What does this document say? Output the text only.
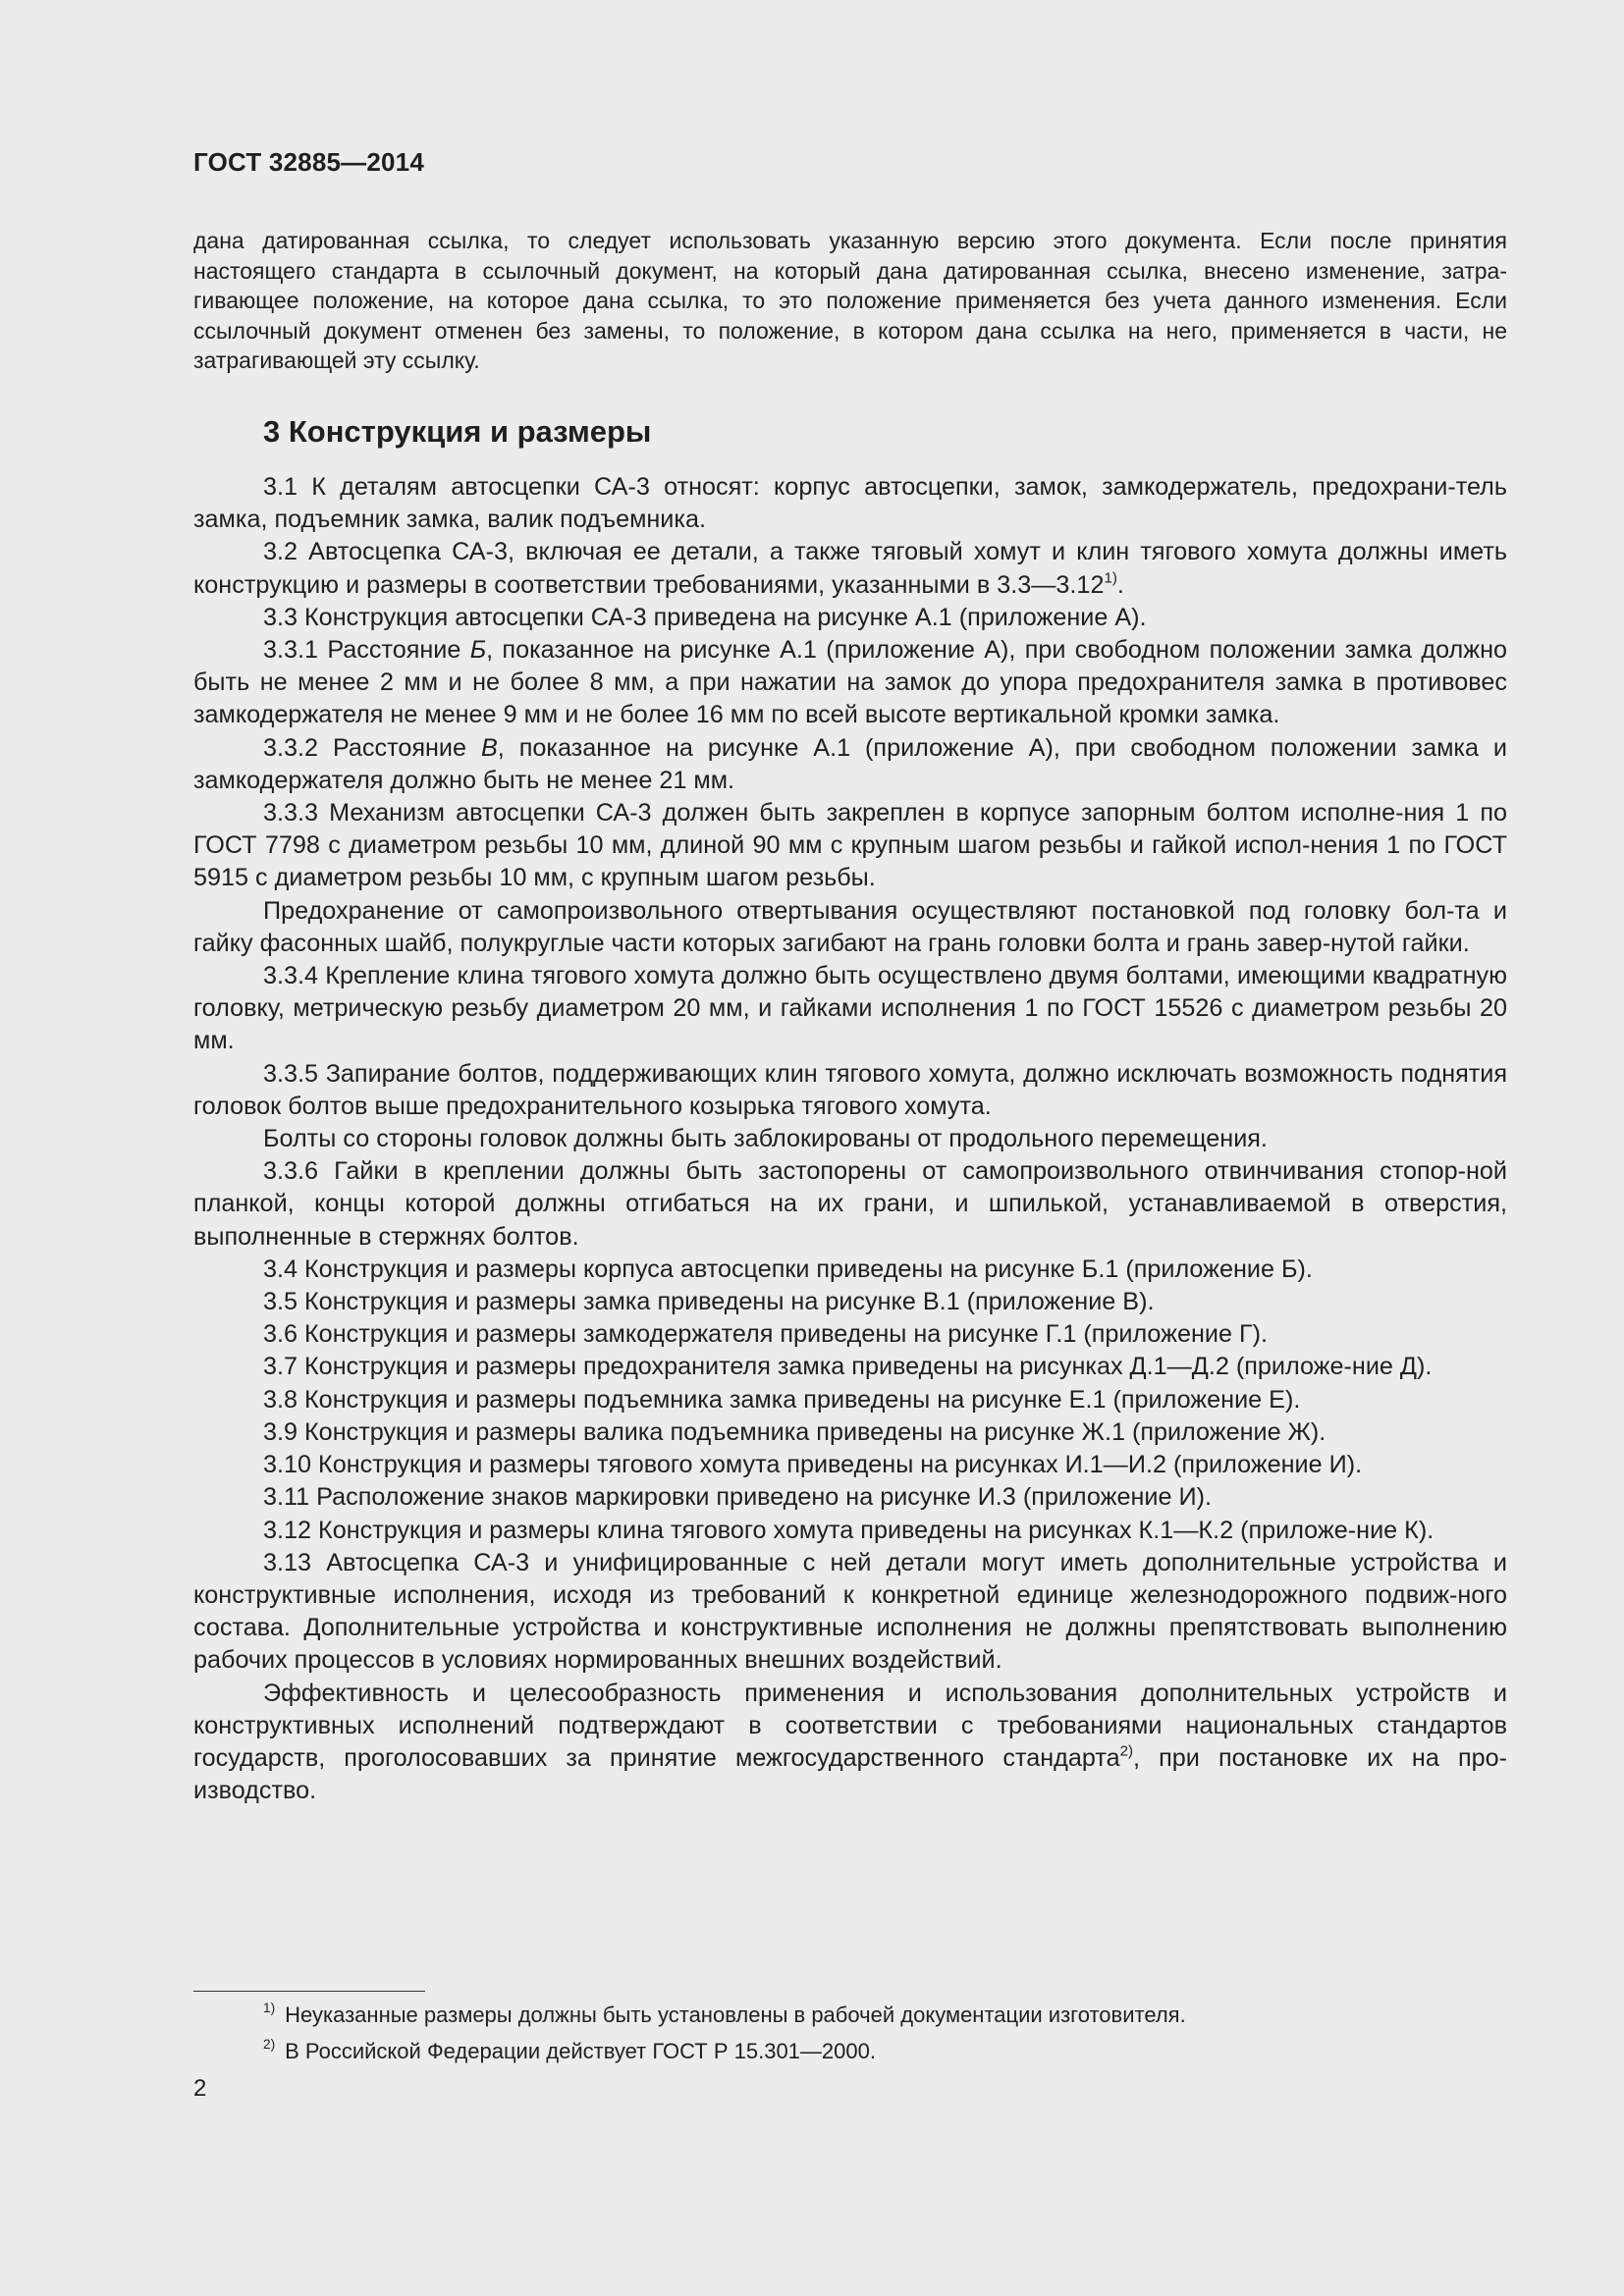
ГОСТ 32885—2014
дана датированная ссылка, то следует использовать указанную версию этого документа. Если после принятия
настоящего стандарта в ссылочный документ, на который дана датированная ссылка, внесено изменение, затра-
гивающее положение, на которое дана ссылка, то это положение применяется без учета данного изменения. Если
ссылочный документ отменен без замены, то положение, в котором дана ссылка на него, применяется в части, не
затрагивающей эту ссылку.
3 Конструкция и размеры

3.1 К деталям автосцепки СА-3 относят: корпус автосцепки, замок, замкодержатель, предохрани-тель замка, подъемник замка, валик подъемника.

3.2 Автосцепка СА-3, включая ее детали, а также тяговый хомут и клин тягового хомута должны иметь конструкцию и размеры в соответствии требованиями, указанными в 3.3—3.12$^{1)}$.

3.3 Конструкция автосцепки СА-3 приведена на рисунке А.1 (приложение А).

3.3.1 Расстояние Б, показанное на рисунке А.1 (приложение А), при свободном положении замка должно быть не менее 2 мм и не более 8 мм, а при нажатии на замок до упора предохранителя замка в противовес замкодержателя не менее 9 мм и не более 16 мм по всей высоте вертикальной кромки замка.

3.3.2 Расстояние В, показанное на рисунке А.1 (приложение А), при свободном положении замка и замкодержателя должно быть не менее 21 мм.

3.3.3 Механизм автосцепки СА-3 должен быть закреплен в корпусе запорным болтом исполне-ния 1 по ГОСТ 7798 с диаметром резьбы 10 мм, длиной 90 мм с крупным шагом резьбы и гайкой испол-нения 1 по ГОСТ 5915 с диаметром резьбы 10 мм, с крупным шагом резьбы.

Предохранение от самопроизвольного отвертывания осуществляют постановкой под головку бол-та и гайку фасонных шайб, полукруглые части которых загибают на грань головки болта и грань завер-нутой гайки.

3.3.4 Крепление клина тягового хомута должно быть осуществлено двумя болтами, имеющими квадратную головку, метрическую резьбу диаметром 20 мм, и гайками исполнения 1 по ГОСТ 15526 с диаметром резьбы 20 мм.

3.3.5 Запирание болтов, поддерживающих клин тягового хомута, должно исключать возможность поднятия головок болтов выше предохранительного козырька тягового хомута.

Болты со стороны головок должны быть заблокированы от продольного перемещения.

3.3.6 Гайки в креплении должны быть застопорены от самопроизвольного отвинчивания стопор-ной планкой, концы которой должны отгибаться на их грани, и шпилькой, устанавливаемой в отверстия, выполненные в стержнях болтов.

3.4 Конструкция и размеры корпуса автосцепки приведены на рисунке Б.1 (приложение Б).

3.5 Конструкция и размеры замка приведены на рисунке В.1 (приложение В).

3.6 Конструкция и размеры замкодержателя приведены на рисунке Г.1 (приложение Г).

3.7 Конструкция и размеры предохранителя замка приведены на рисунках Д.1—Д.2 (приложе-ние Д).

3.8 Конструкция и размеры подъемника замка приведены на рисунке Е.1 (приложение Е).

3.9 Конструкция и размеры валика подъемника приведены на рисунке Ж.1 (приложение Ж).

3.10 Конструкция и размеры тягового хомута приведены на рисунках И.1—И.2 (приложение И).

3.11 Расположение знаков маркировки приведено на рисунке И.3 (приложение И).

3.12 Конструкция и размеры клина тягового хомута приведены на рисунках К.1—К.2 (приложе-ние К).

3.13 Автосцепка СА-3 и унифицированные с ней детали могут иметь дополнительные устройства и конструктивные исполнения, исходя из требований к конкретной единице железнодорожного подвиж-ного состава. Дополнительные устройства и конструктивные исполнения не должны препятствовать выполнению рабочих процессов в условиях нормированных внешних воздействий.

Эффективность и целесообразность применения и использования дополнительных устройств и конструктивных исполнений подтверждают в соответствии с требованиями национальных стандартов государств, проголосовавших за принятие межгосударственного стандарта$^{2)}$, при постановке их на про-изводство.

$^{1)}$ Неуказанные размеры должны быть установлены в рабочей документации изготовителя.
$^{2)}$ В Российской Федерации действует ГОСТ Р 15.301—2000.
2
